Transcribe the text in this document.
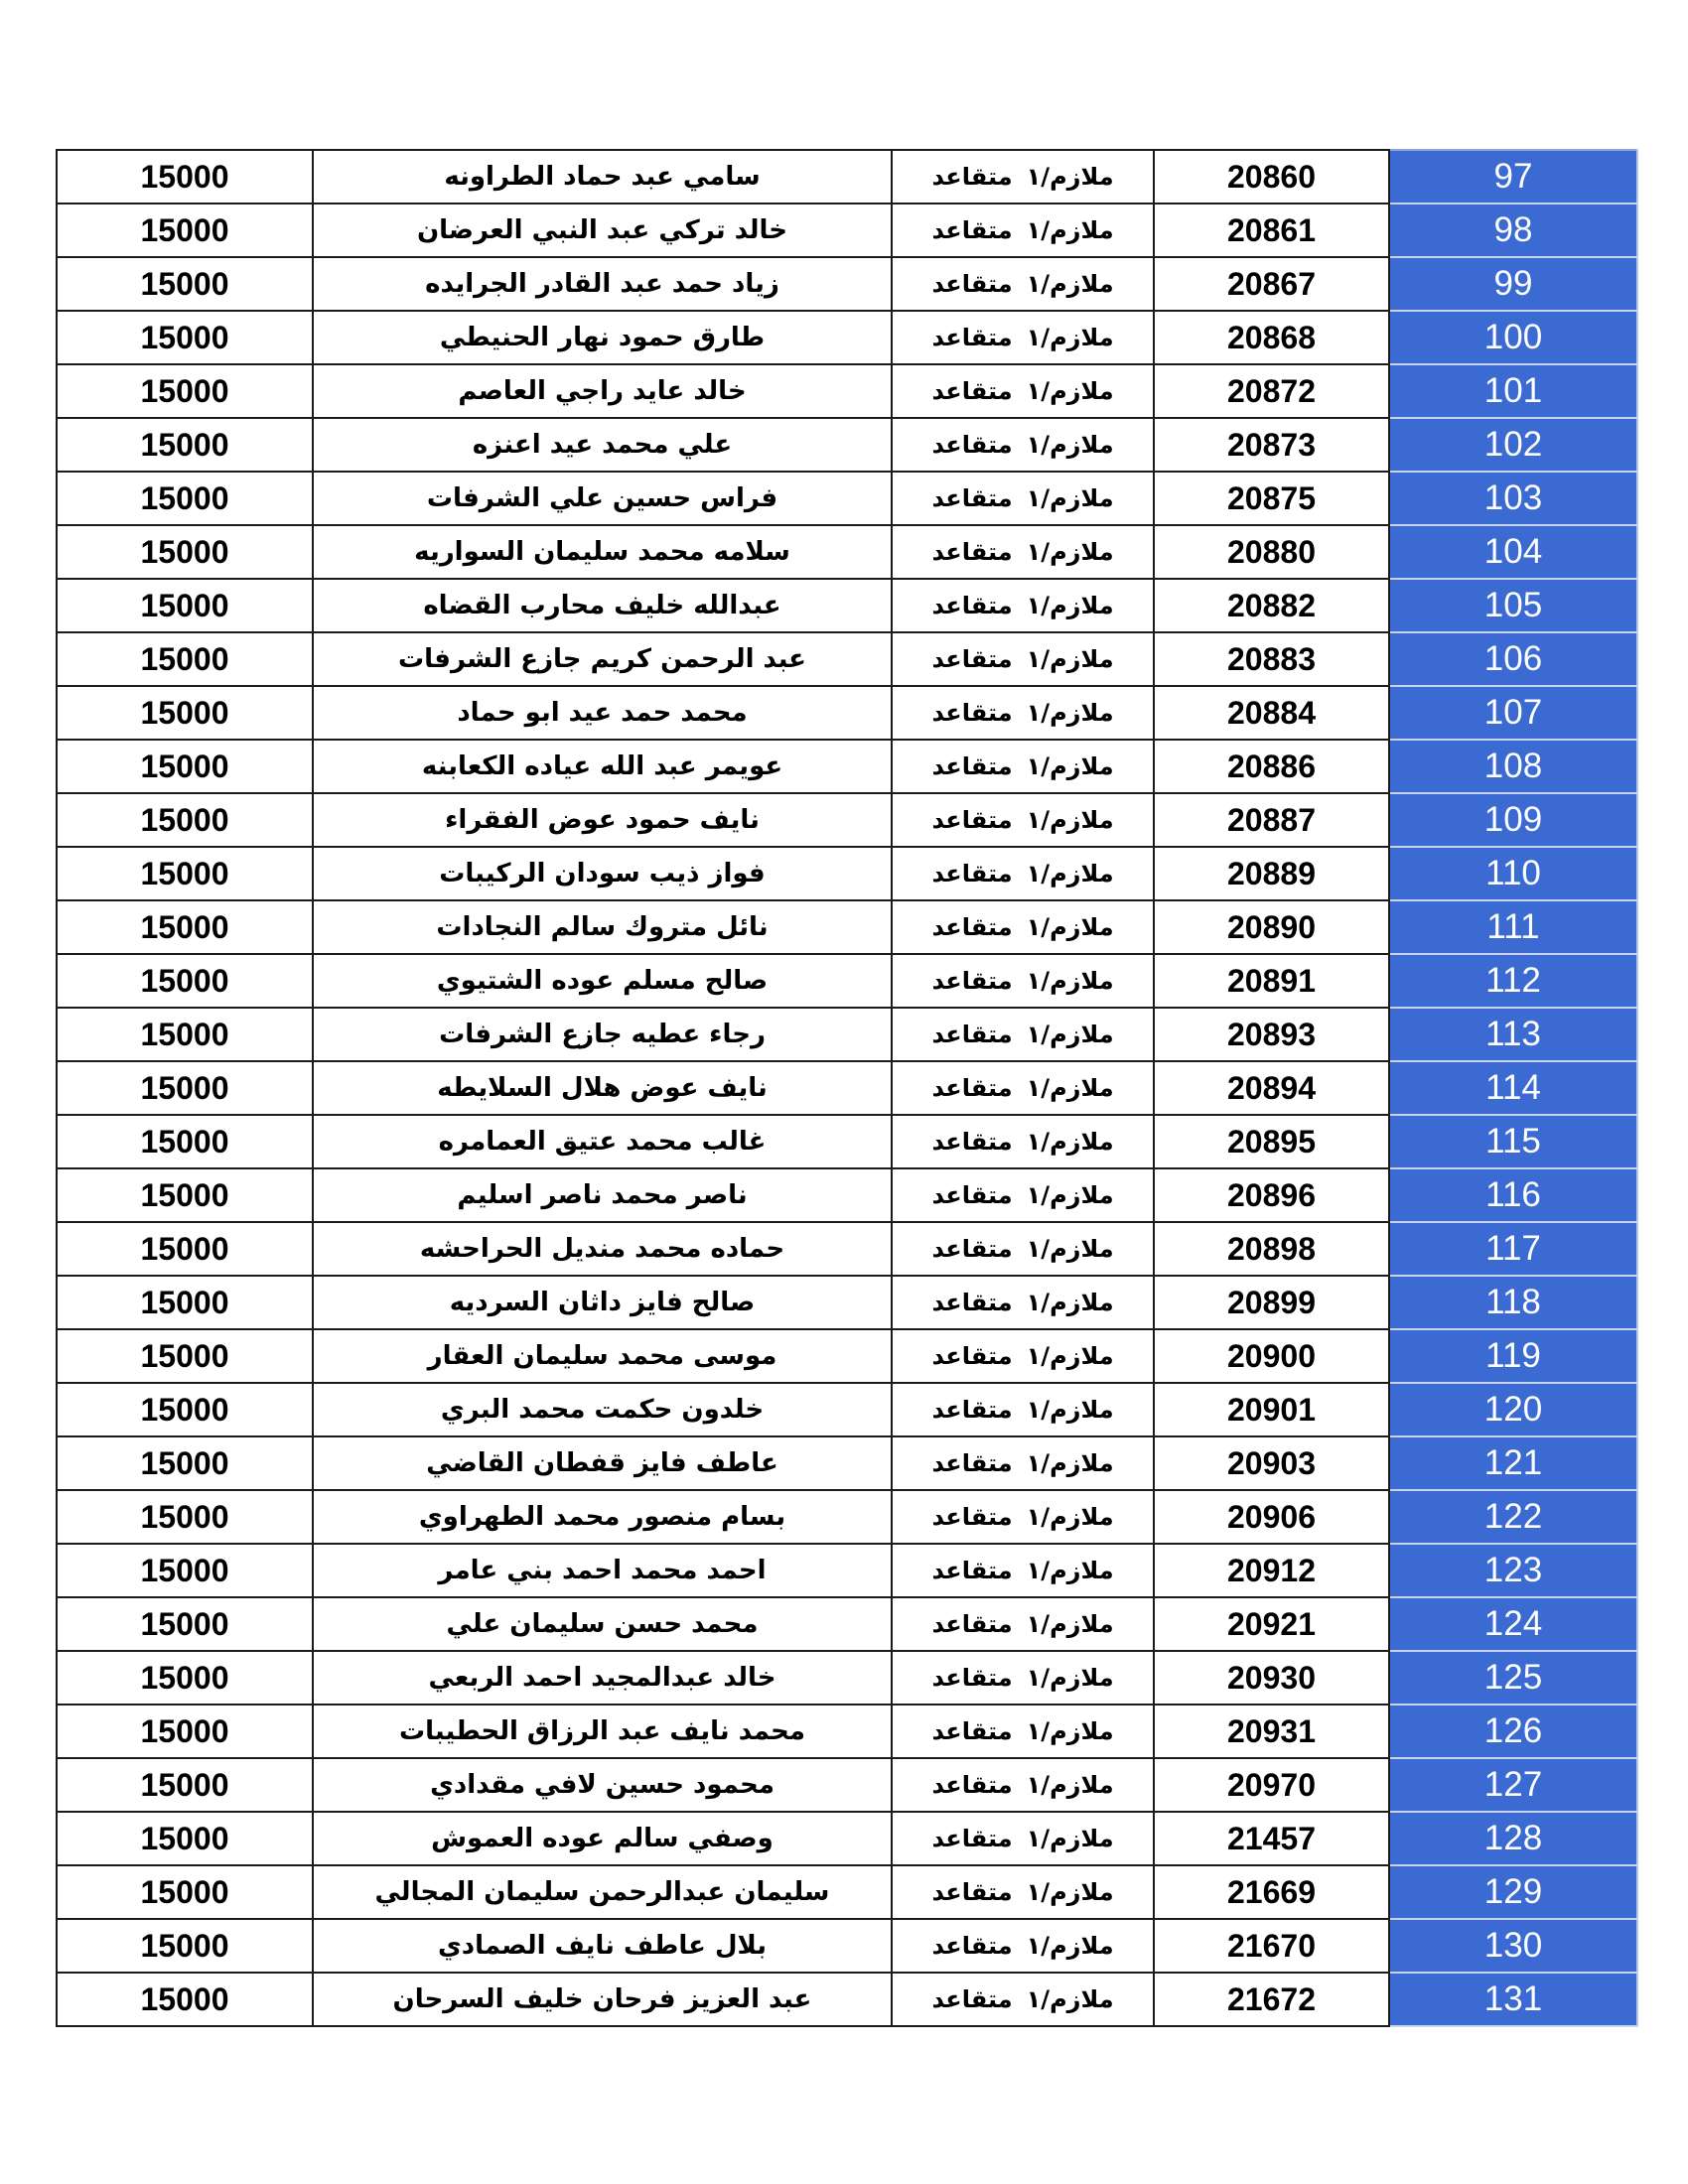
15000	سامي عبد حماد الطراونه	ملازم/١متقاعد	20860	97
15000	خالد تركي عبد النبي العرضان	ملازم/١متقاعد	20861	98
15000	زياد حمد عبد القادر الجرايده	ملازم/١متقاعد	20867	99
15000	طارق حمود نهار الحنيطي	ملازم/١متقاعد	20868	100
15000	خالد عايد راجي العاصم	ملازم/١متقاعد	20872	101
15000	علي محمد عيد اعنزه	ملازم/١متقاعد	20873	102
15000	فراس حسين علي الشرفات	ملازم/١متقاعد	20875	103
15000	سلامه محمد سليمان السواريه	ملازم/١متقاعد	20880	104
15000	عبدالله خليف محارب القضاه	ملازم/١متقاعد	20882	105
15000	عبد الرحمن كريم جازع الشرفات	ملازم/١متقاعد	20883	106
15000	محمد حمد عيد ابو حماد	ملازم/١متقاعد	20884	107
15000	عويمر عبد الله عياده الكعابنه	ملازم/١متقاعد	20886	108
15000	نايف حمود عوض الفقراء	ملازم/١متقاعد	20887	109
15000	فواز ذيب سودان الركيبات	ملازم/١متقاعد	20889	110
15000	نائل متروك سالم النجادات	ملازم/١متقاعد	20890	111
15000	صالح مسلم عوده الشتيوي	ملازم/١متقاعد	20891	112
15000	رجاء عطيه جازع الشرفات	ملازم/١متقاعد	20893	113
15000	نايف عوض هلال السلايطه	ملازم/١متقاعد	20894	114
15000	غالب محمد عتيق العمامره	ملازم/١متقاعد	20895	115
15000	ناصر محمد ناصر اسليم	ملازم/١متقاعد	20896	116
15000	حماده محمد منديل الحراحشه	ملازم/١متقاعد	20898	117
15000	صالح فايز داثان السرديه	ملازم/١متقاعد	20899	118
15000	موسى محمد سليمان العقار	ملازم/١متقاعد	20900	119
15000	خلدون حكمت محمد البري	ملازم/١متقاعد	20901	120
15000	عاطف فايز قفطان القاضي	ملازم/١متقاعد	20903	121
15000	بسام منصور محمد الطهراوي	ملازم/١متقاعد	20906	122
15000	احمد محمد احمد بني عامر	ملازم/١متقاعد	20912	123
15000	محمد حسن سليمان علي	ملازم/١متقاعد	20921	124
15000	خالد عبدالمجيد احمد الربعي	ملازم/١متقاعد	20930	125
15000	محمد نايف عبد الرزاق الحطيبات	ملازم/١متقاعد	20931	126
15000	محمود حسين لافي مقدادي	ملازم/١متقاعد	20970	127
15000	وصفي سالم عوده العموش	ملازم/١متقاعد	21457	128
15000	سليمان عبدالرحمن سليمان المجالي	ملازم/١متقاعد	21669	129
15000	بلال عاطف نايف الصمادي	ملازم/١متقاعد	21670	130
15000	عبد العزيز فرحان خليف السرحان	ملازم/١متقاعد	21672	131
